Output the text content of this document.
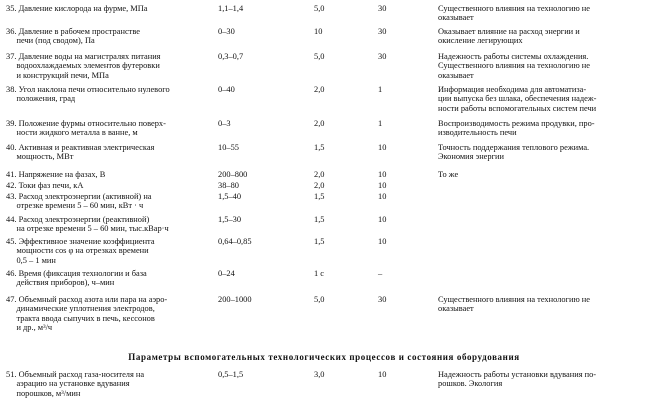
35. Давление кислорода на фурме, МПа	1,1–1,4	5,0	30	Существенного влияния на технологию не
оказывает
36. Давление в рабочем пространстве
печи (под сводом), Па
0–30	10	30	Оказывает влияние на расход энергии и
окисление легирующих
37. Давление воды на магистралях питания
водоохлаждаемых элементов футеровки
и конструкций печи, МПа
0,3–0,7	5,0	30	Надежность работы системы охлаждения.
Существенного влияния на технологию не
оказывает
38. Угол наклона печи относительно нулевого
положения, град
0–40	2,0	1	Информация необходима для автоматиза-
ции выпуска без шлака, обеспечения надеж-
ности работы вспомогательных систем печи
39. Положение фурмы относительно поверх-
ности жидкого металла в ванне, м
0–3	2,0	1	Воспроизводимость режима продувки, про-
изводительность печи
40. Активная и реактивная электрическая
мощность, МВт
10–55	1,5	10	Точность поддержания теплового режима.
Экономия энергии
41. Напряжение на фазах, В	200–800	2,0	10	То же
42. Токи фаз печи, кА	38–80	2,0	10
43. Расход электроэнергии (активной) на
отрезке времени 5 – 60 мин, кВт · ч
1,5–40	1,5	10
44. Расход электроэнергии (реактивной)
на отрезке времени 5 – 60 мин, тыс.кВар·ч
1,5–30	1,5	10
45. Эффективное значение коэффициента
мощности cos φ на отрезках времени
0,5 – 1 мин
0,64–0,85	1,5	10
46. Время (фиксация технологии и база
действия приборов), ч–мин
0–24	1 с	–
47. Объемный расход азота или пара на аэро-
динамические уплотнения электродов,
тракта ввода сыпучих в печь, кессонов
и др., м³/ч
200–1000	5,0	30	Существенного влияния на технологию не
оказывает
51. Объемный расход газа-носителя на
аэрацию на установке вдувания
порошков, м³/мин
0,5–1,5	3,0	10	Надежность работы установки вдувания по-
рошков. Экология
Параметры вспомогательных технологических процессов и состояния оборудования
